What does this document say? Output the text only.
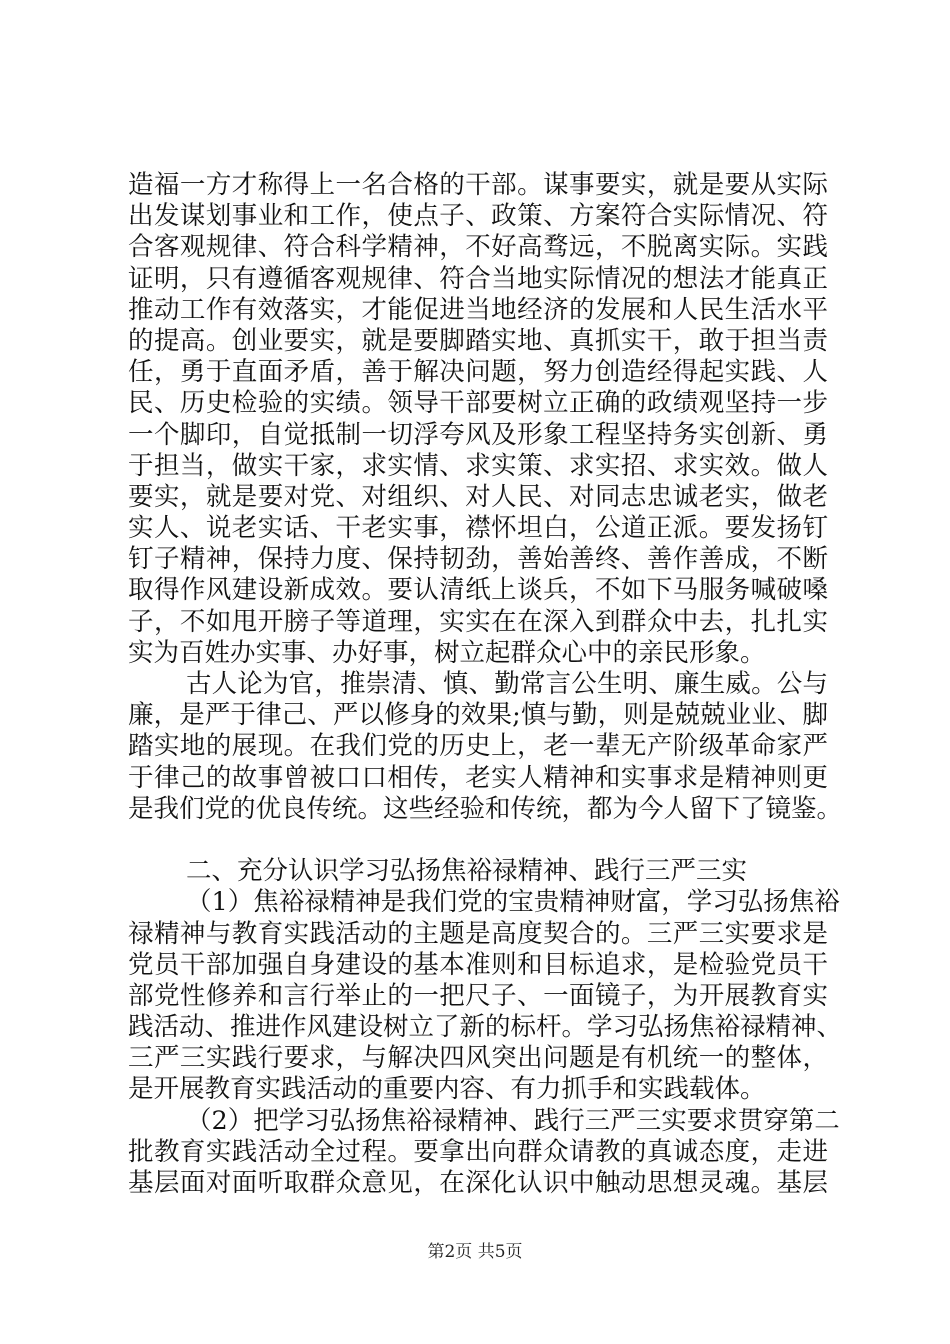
造福一方才称得上一名合格的干部。谋事要实，就是要从实际
出发谋划事业和工作，使点子、政策、方案符合实际情况、符
合客观规律、符合科学精神，不好高骛远，不脱离实际。实践
证明，只有遵循客观规律、符合当地实际情况的想法才能真正
推动工作有效落实，才能促进当地经济的发展和人民生活水平
的提高。创业要实，就是要脚踏实地、真抓实干，敢于担当责
任，勇于直面矛盾，善于解决问题，努力创造经得起实践、人
民、历史检验的实绩。领导干部要树立正确的政绩观坚持一步
一个脚印，自觉抵制一切浮夸风及形象工程坚持务实创新、勇
于担当，做实干家，求实情、求实策、求实招、求实效。做人
要实，就是要对党、对组织、对人民、对同志忠诚老实，做老
实人、说老实话、干老实事，襟怀坦白，公道正派。要发扬钉
钉子精神，保持力度、保持韧劲，善始善终、善作善成，不断
取得作风建设新成效。要认清纸上谈兵，不如下马服务喊破嗓
子，不如甩开膀子等道理，实实在在深入到群众中去，扎扎实
实为百姓办实事、办好事，树立起群众心中的亲民形象。
古人论为官，推崇清、慎、勤常言公生明、廉生威。公与
廉，是严于律己、严以修身的效果;慎与勤，则是兢兢业业、脚
踏实地的展现。在我们党的历史上，老一辈无产阶级革命家严
于律己的故事曾被口口相传，老实人精神和实事求是精神则更
是我们党的优良传统。这些经验和传统，都为今人留下了镜鉴。
二、充分认识学习弘扬焦裕禄精神、践行三严三实
（1）焦裕禄精神是我们党的宝贵精神财富，学习弘扬焦裕
禄精神与教育实践活动的主题是高度契合的。三严三实要求是
党员干部加强自身建设的基本准则和目标追求，是检验党员干
部党性修养和言行举止的一把尺子、一面镜子，为开展教育实
践活动、推进作风建设树立了新的标杆。学习弘扬焦裕禄精神、
三严三实践行要求，与解决四风突出问题是有机统一的整体，
是开展教育实践活动的重要内容、有力抓手和实践载体。
（2）把学习弘扬焦裕禄精神、践行三严三实要求贯穿第二
批教育实践活动全过程。要拿出向群众请教的真诚态度，走进
基层面对面听取群众意见，在深化认识中触动思想灵魂。基层
第2页 共5页
